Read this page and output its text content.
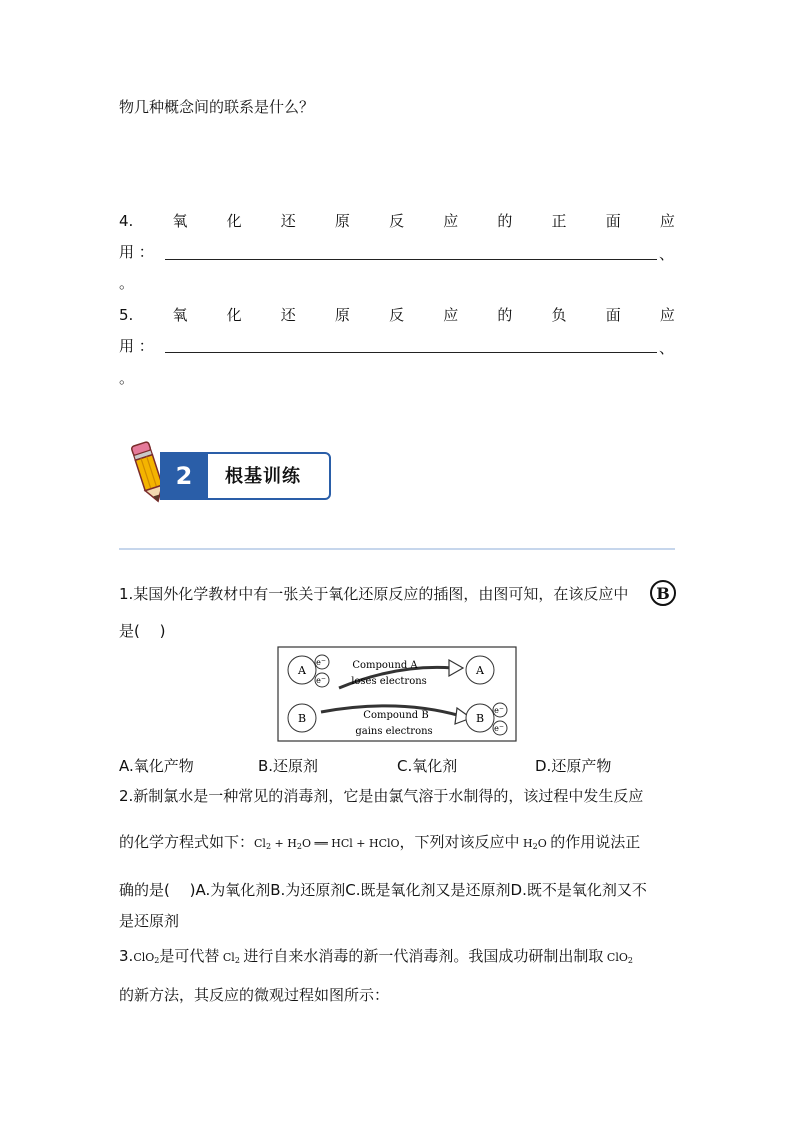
物几种概念间的联系是什么？
4.	氧	化	还	原	反	应	的	正	面	应
用 ：	、
。
5.	氧	化	还	原	反	应	的	负	面	应
用 ：	、
。
2	根基训练
1.某国外化学教材中有一张关于氧化还原反应的插图，由图可知，在该反应中	B
是(　 )
A
e−
e−
Compound A
loses electrons
A
B	Compound B
gains electrons
B
e−
e−
A.氧化产物	B.还原剂	C.氧化剂	D.还原产物
2.新制氯水是一种常见的消毒剂，它是由氯气溶于水制得的，该过程中发生反应
的化学方程式如下：$Cl_2 + H_2O$ ══ HCl + HClO，下列对该反应中 $H_2O$ 的作用说法正
确的是(　 )A.为氧化剂B.为还原剂C.既是氧化剂又是还原剂D.既不是氧化剂又不
是还原剂
3.ClO$_2$是可代替 $Cl_2$ 进行自来水消毒的新一代消毒剂。我国成功研制出制取 ClO$_2$
的新方法，其反应的微观过程如图所示：
